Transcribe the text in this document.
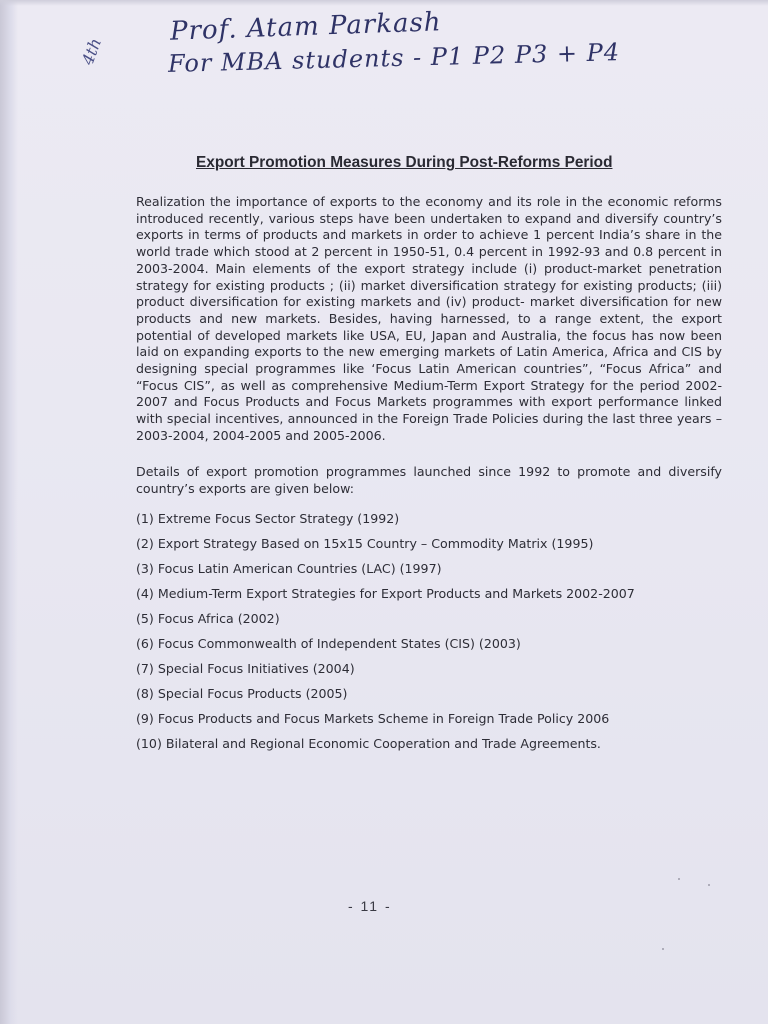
4th
Prof. Atam Parkash
For MBA students - P1 P2 P3 + P4
Export Promotion Measures During Post-Reforms Period

Realization the importance of exports to the economy and its role in the economic reforms introduced recently, various steps have been undertaken to expand and diversify country’s exports in terms of products and markets in order to achieve 1 percent India’s share in the world trade which stood at 2 percent in 1950-51, 0.4 percent in 1992-93 and 0.8 percent in 2003-2004. Main elements of the export strategy include (i) product-market penetration strategy for existing products ; (ii) market diversification strategy for existing products; (iii) product diversification for existing markets and (iv) product- market diversification for new products and new markets. Besides, having harnessed, to a range extent, the export potential of developed markets like USA, EU, Japan and Australia, the focus has now been laid on expanding exports to the new emerging markets of Latin America, Africa and CIS by designing special programmes like ‘Focus Latin American countries”, “Focus Africa” and “Focus CIS”, as well as comprehensive Medium-Term Export Strategy for the period 2002-2007 and Focus Products and Focus Markets programmes with export performance linked with special incentives, announced in the Foreign Trade Policies during the last three years – 2003-2004, 2004-2005 and 2005-2006.

Details of export promotion programmes launched since 1992 to promote and diversify country’s exports are given below:

(1) Extreme Focus Sector Strategy (1992)
(2) Export Strategy Based on 15x15 Country – Commodity Matrix (1995)
(3) Focus Latin American Countries (LAC) (1997)
(4) Medium-Term Export Strategies for Export Products and Markets 2002-2007
(5) Focus Africa (2002)
(6) Focus Commonwealth of Independent States (CIS) (2003)
(7) Special Focus Initiatives (2004)
(8) Special Focus Products (2005)
(9) Focus Products and Focus Markets Scheme in Foreign Trade Policy 2006
(10) Bilateral and Regional Economic Cooperation and Trade Agreements.
- 11 -
